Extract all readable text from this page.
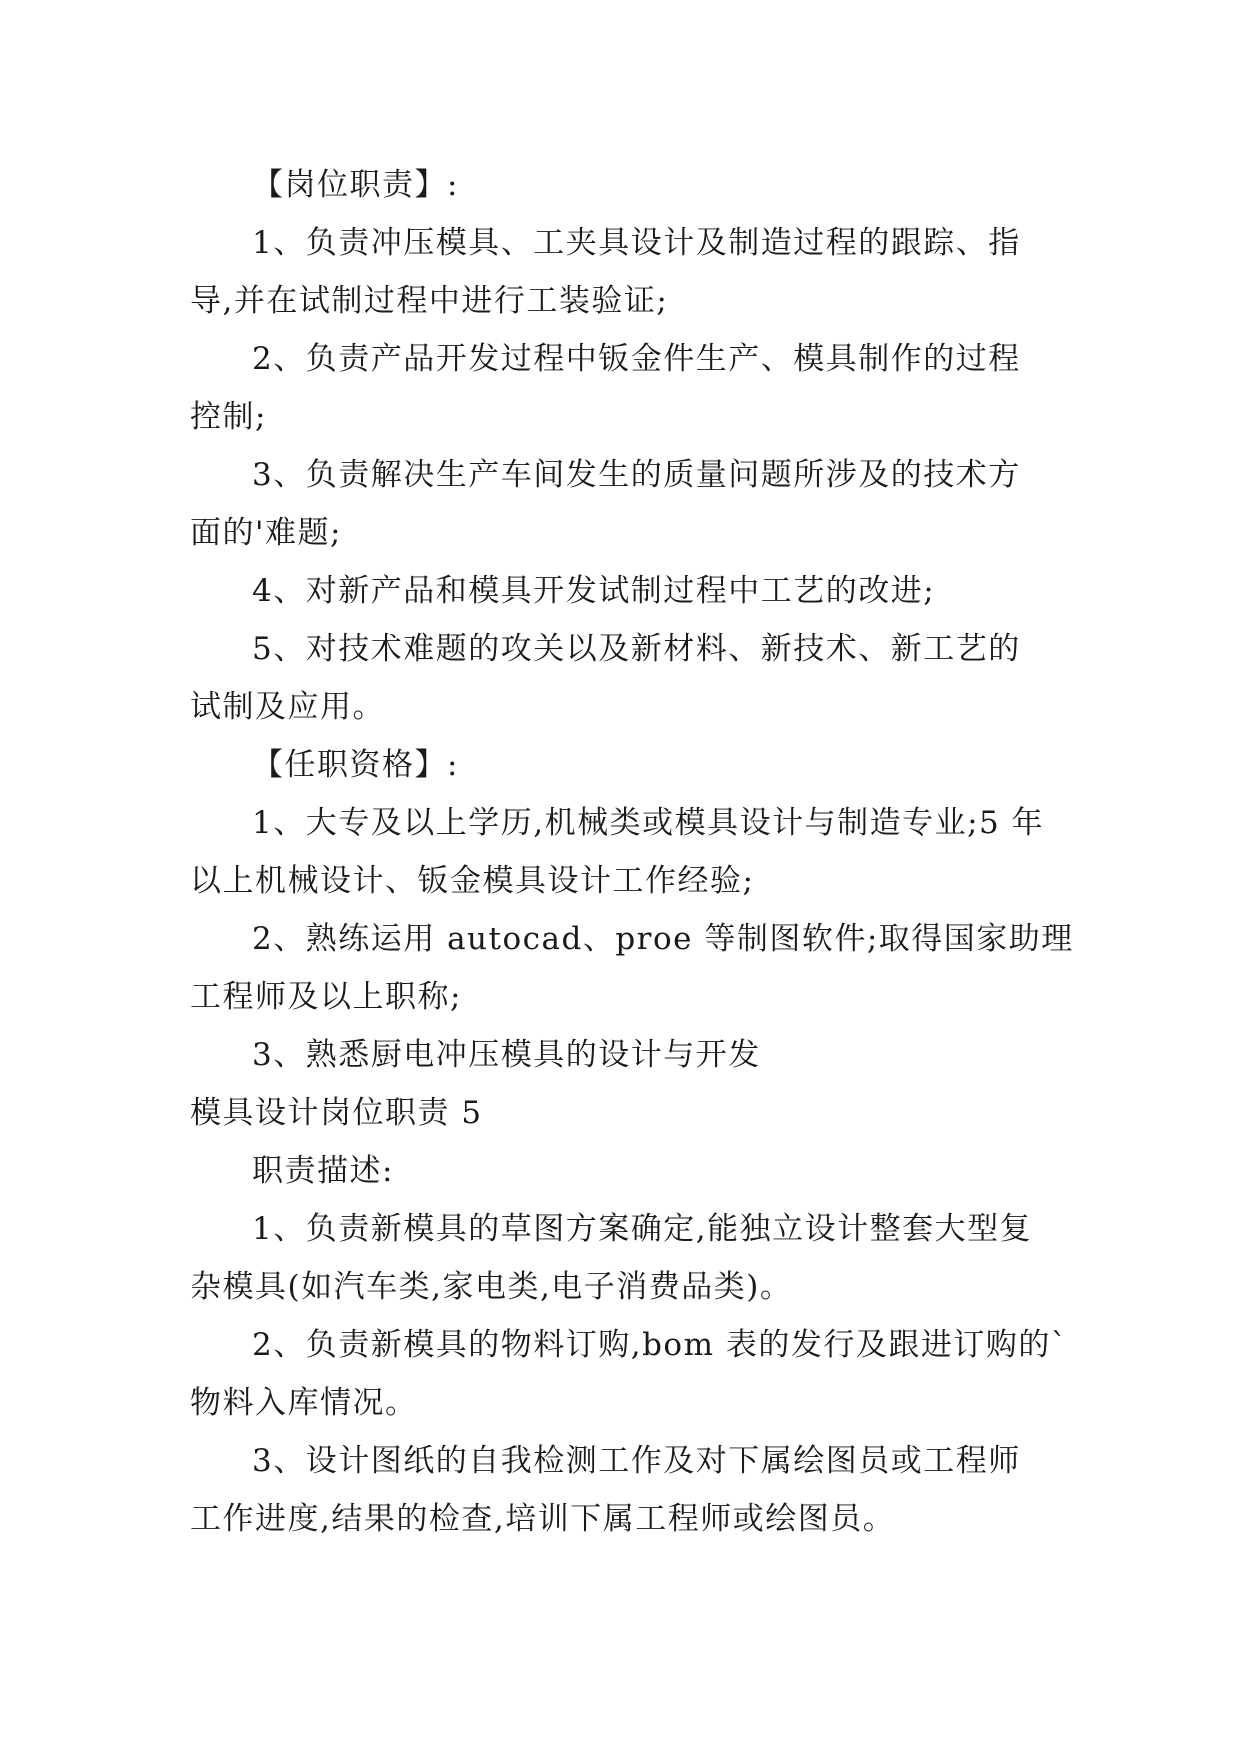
【岗位职责】:
1、负责冲压模具、工夹具设计及制造过程的跟踪、指
导,并在试制过程中进行工装验证;
2、负责产品开发过程中钣金件生产、模具制作的过程
控制;
3、负责解决生产车间发生的质量问题所涉及的技术方
面的'难题;
4、对新产品和模具开发试制过程中工艺的改进;
5、对技术难题的攻关以及新材料、新技术、新工艺的
试制及应用。
【任职资格】:
1、大专及以上学历,机械类或模具设计与制造专业;5 年
以上机械设计、钣金模具设计工作经验;
2、熟练运用 autocad、proe 等制图软件;取得国家助理
工程师及以上职称;
3、熟悉厨电冲压模具的设计与开发
模具设计岗位职责 5
职责描述:
1、负责新模具的草图方案确定,能独立设计整套大型复
杂模具(如汽车类,家电类,电子消费品类)。
2、负责新模具的物料订购,bom 表的发行及跟进订购的`
物料入库情况。
3、设计图纸的自我检测工作及对下属绘图员或工程师
工作进度,结果的检查,培训下属工程师或绘图员。
